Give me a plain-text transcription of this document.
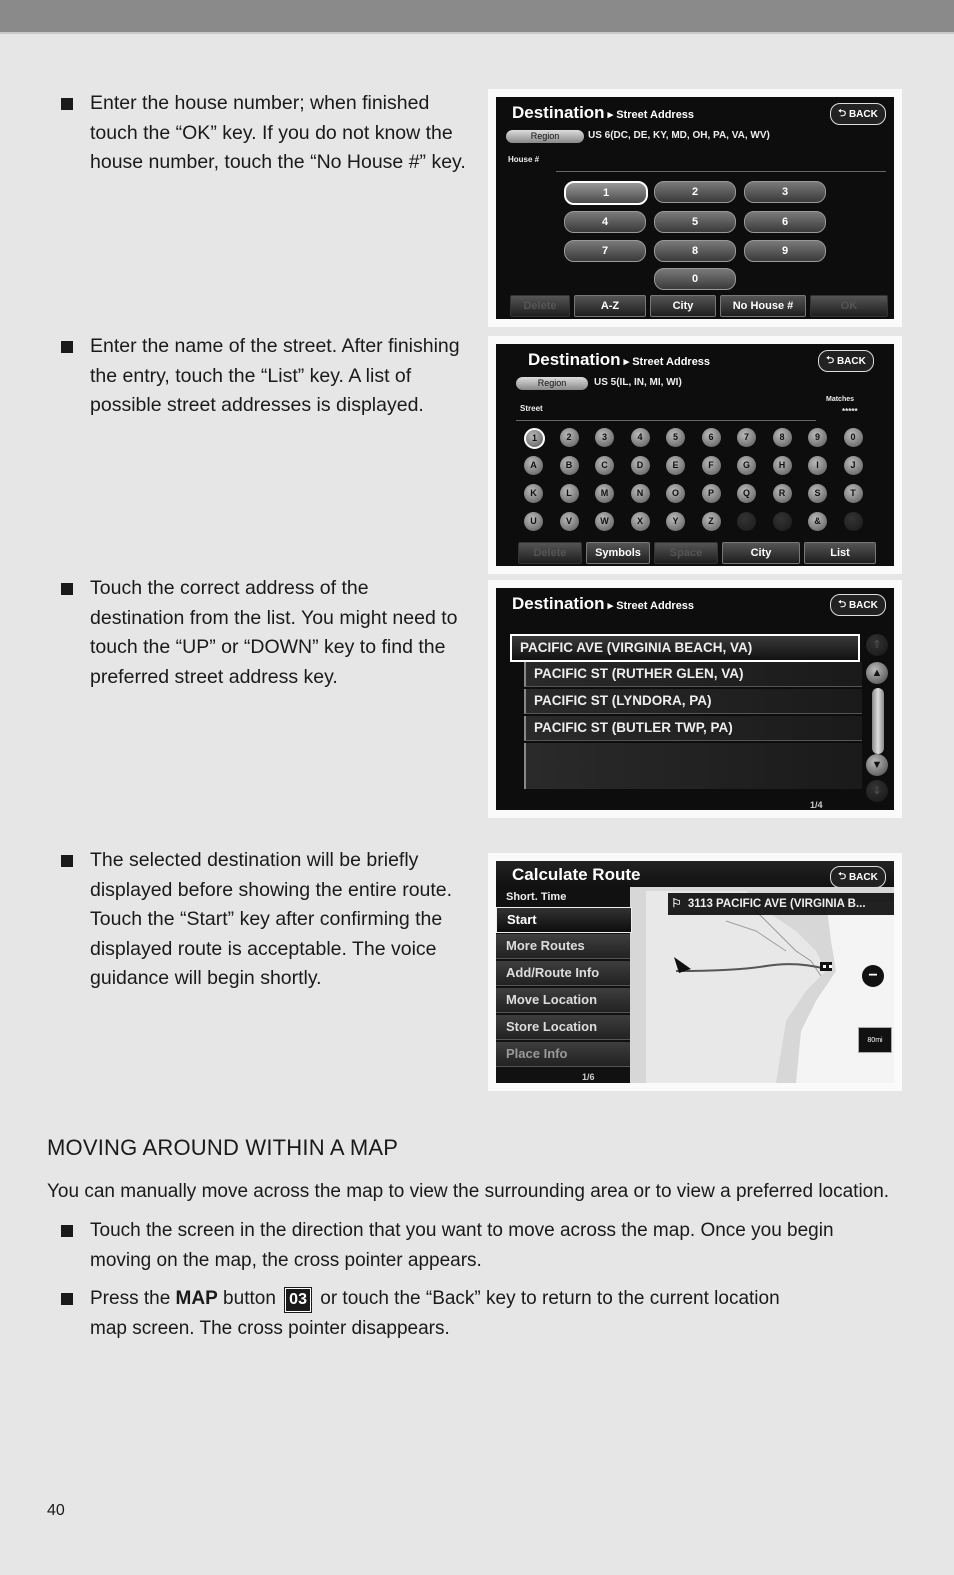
Enter the house number; when finished touch the “OK” key. If you do not know the house number, touch the “No House #” key.
Enter the name of the street. After finishing the entry, touch the “List” key. A list of possible street addresses is displayed.
Touch the correct address of the destination from the list. You might need to touch the “UP” or “DOWN” key to find the preferred street address key.
The selected destination will be briefly displayed before showing the entire route. Touch the “Start” key after confirming the displayed route is acceptable. The voice guidance will begin shortly.
Destination ▸ Street Address	⮌ BACK
Region	US 6(DC, DE, KY, MD, OH, PA, VA, WV)
House #
1	2	3
4	5	6
7	8	9
0
Delete	A-Z	City	No House #	OK
Destination ▸ Street Address	⮌ BACK
Region	US 5(IL, IN, MI, WI)
Street
Matches
*****
1	2	3	4	5	6	7	8	9	0
A	B	C	D	E	F	G	H	I	J
K	L	M	N	O	P	Q	R	S	T
U	V	W	X	Y	Z	&
Delete	Symbols	Space	City	List
Destination ▸ Street Address	⮌ BACK
PACIFIC AVE (VIRGINIA BEACH, VA)
PACIFIC ST (RUTHER GLEN, VA)
PACIFIC ST (LYNDORA, PA)
PACIFIC ST (BUTLER TWP, PA)
⇑
▲
▼
⇓
1/4
Calculate Route	⮌ BACK
Short. Time
Start
More Routes
Add/Route Info
Move Location
Store Location
Place Info
1/6
⚐  3113 PACIFIC AVE (VIRGINIA B...
−
80mi
MOVING AROUND WITHIN A MAP
You can manually move across the map to view the surrounding area or to view a preferred location.
Touch the screen in the direction that you want to move across the map. Once you begin moving on the map, the cross pointer appears.
Press the MAP button 03 or touch the “Back” key to return to the current location map screen. The cross pointer disappears.
40
